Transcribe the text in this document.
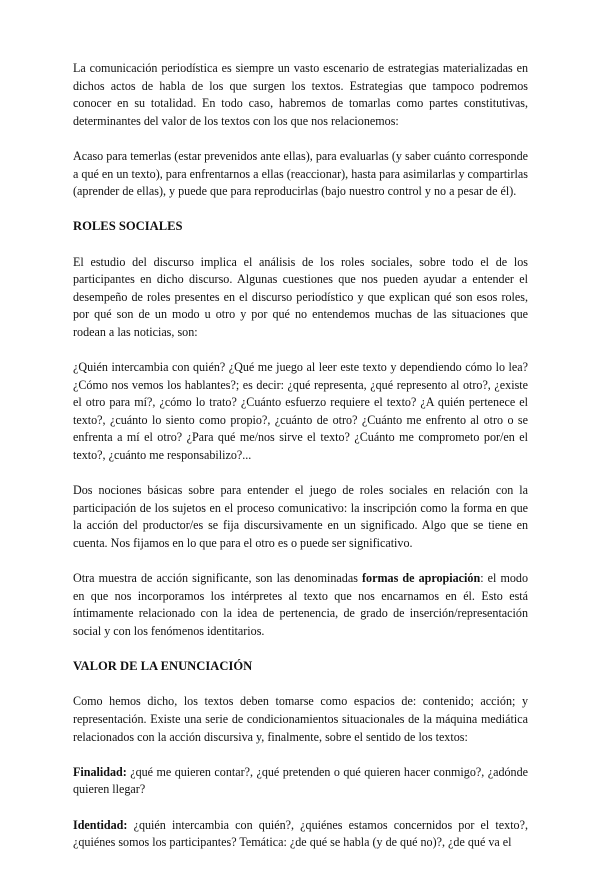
La comunicación periodística es siempre un vasto escenario de estrategias materializadas en dichos actos de habla de los que surgen los textos. Estrategias que tampoco podremos conocer en su totalidad. En todo caso, habremos de tomarlas como partes constitutivas, determinantes del valor de los textos con los que nos relacionemos:

Acaso para temerlas (estar prevenidos ante ellas), para evaluarlas (y saber cuánto corresponde a qué en un texto), para enfrentarnos a ellas (reaccionar), hasta para asimilarlas y compartirlas (aprender de ellas), y puede que para reproducirlas (bajo nuestro control y no a pesar de él).

ROLES SOCIALES

El estudio del discurso implica el análisis de los roles sociales, sobre todo el de los participantes en dicho discurso. Algunas cuestiones que nos pueden ayudar a entender el desempeño de roles presentes en el discurso periodístico y que explican qué son esos roles, por qué son de un modo u otro y por qué no entendemos muchas de las situaciones que rodean a las noticias, son:

¿Quién intercambia con quién? ¿Qué me juego al leer este texto y dependiendo cómo lo lea? ¿Cómo nos vemos los hablantes?; es decir: ¿qué representa, ¿qué represento al otro?, ¿existe el otro para mí?, ¿cómo lo trato? ¿Cuánto esfuerzo requiere el texto? ¿A quién pertenece el texto?, ¿cuánto lo siento como propio?, ¿cuánto de otro? ¿Cuánto me enfrento al otro o se enfrenta a mí el otro? ¿Para qué me/nos sirve el texto? ¿Cuánto me comprometo por/en el texto?, ¿cuánto me responsabilizo?...

Dos nociones básicas sobre para entender el juego de roles sociales en relación con la participación de los sujetos en el proceso comunicativo: la inscripción como la forma en que la acción del productor/es se fija discursivamente en un significado. Algo que se tiene en cuenta. Nos fijamos en lo que para el otro es o puede ser significativo.

Otra muestra de acción significante, son las denominadas formas de apropiación: el modo en que nos incorporamos los intérpretes al texto que nos encarnamos en él. Esto está íntimamente relacionado con la idea de pertenencia, de grado de inserción/representación social y con los fenómenos identitarios.

VALOR DE LA ENUNCIACIÓN

Como hemos dicho, los textos deben tomarse como espacios de: contenido; acción; y representación. Existe una serie de condicionamientos situacionales de la máquina mediática relacionados con la acción discursiva y, finalmente, sobre el sentido de los textos:

Finalidad: ¿qué me quieren contar?, ¿qué pretenden o qué quieren hacer conmigo?, ¿adónde quieren llegar?

Identidad: ¿quién intercambia con quién?, ¿quiénes estamos concernidos por el texto?, ¿quiénes somos los participantes? Temática: ¿de qué se habla (y de qué no)?, ¿de qué va el
